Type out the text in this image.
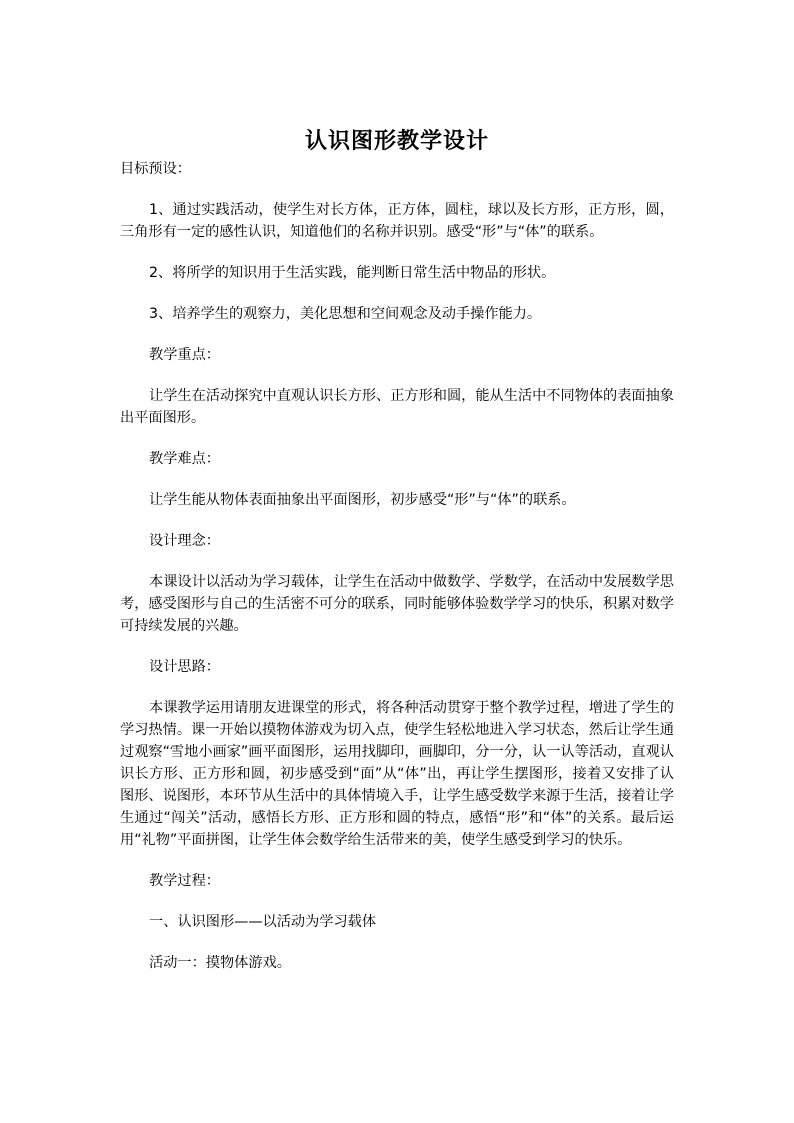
认识图形教学设计

目标预设：

1、通过实践活动，使学生对长方体，正方体，圆柱，球以及长方形，正方形，圆，三角形有一定的感性认识，知道他们的名称并识别。感受“形”与“体”的联系。

2、将所学的知识用于生活实践，能判断日常生活中物品的形状。

3、培养学生的观察力，美化思想和空间观念及动手操作能力。

教学重点：

让学生在活动探究中直观认识长方形、正方形和圆，能从生活中不同物体的表面抽象出平面图形。

教学难点：

让学生能从物体表面抽象出平面图形，初步感受“形”与“体”的联系。

设计理念：

本课设计以活动为学习载体，让学生在活动中做数学、学数学，在活动中发展数学思考，感受图形与自己的生活密不可分的联系，同时能够体验数学学习的快乐，积累对数学可持续发展的兴趣。

设计思路：

本课教学运用请朋友进课堂的形式，将各种活动贯穿于整个教学过程，增进了学生的学习热情。课一开始以摸物体游戏为切入点，使学生轻松地进入学习状态，然后让学生通过观察“雪地小画家”画平面图形，运用找脚印，画脚印，分一分，认一认等活动，直观认识长方形、正方形和圆，初步感受到“面”从“体”出，再让学生摆图形，接着又安排了认图形、说图形，本环节从生活中的具体情境入手，让学生感受数学来源于生活，接着让学生通过“闯关”活动，感悟长方形、正方形和圆的特点，感悟“形”和“体”的关系。最后运用“礼物”平面拼图，让学生体会数学给生活带来的美，使学生感受到学习的快乐。

教学过程：

一、认识图形——以活动为学习载体

活动一：摸物体游戏。
